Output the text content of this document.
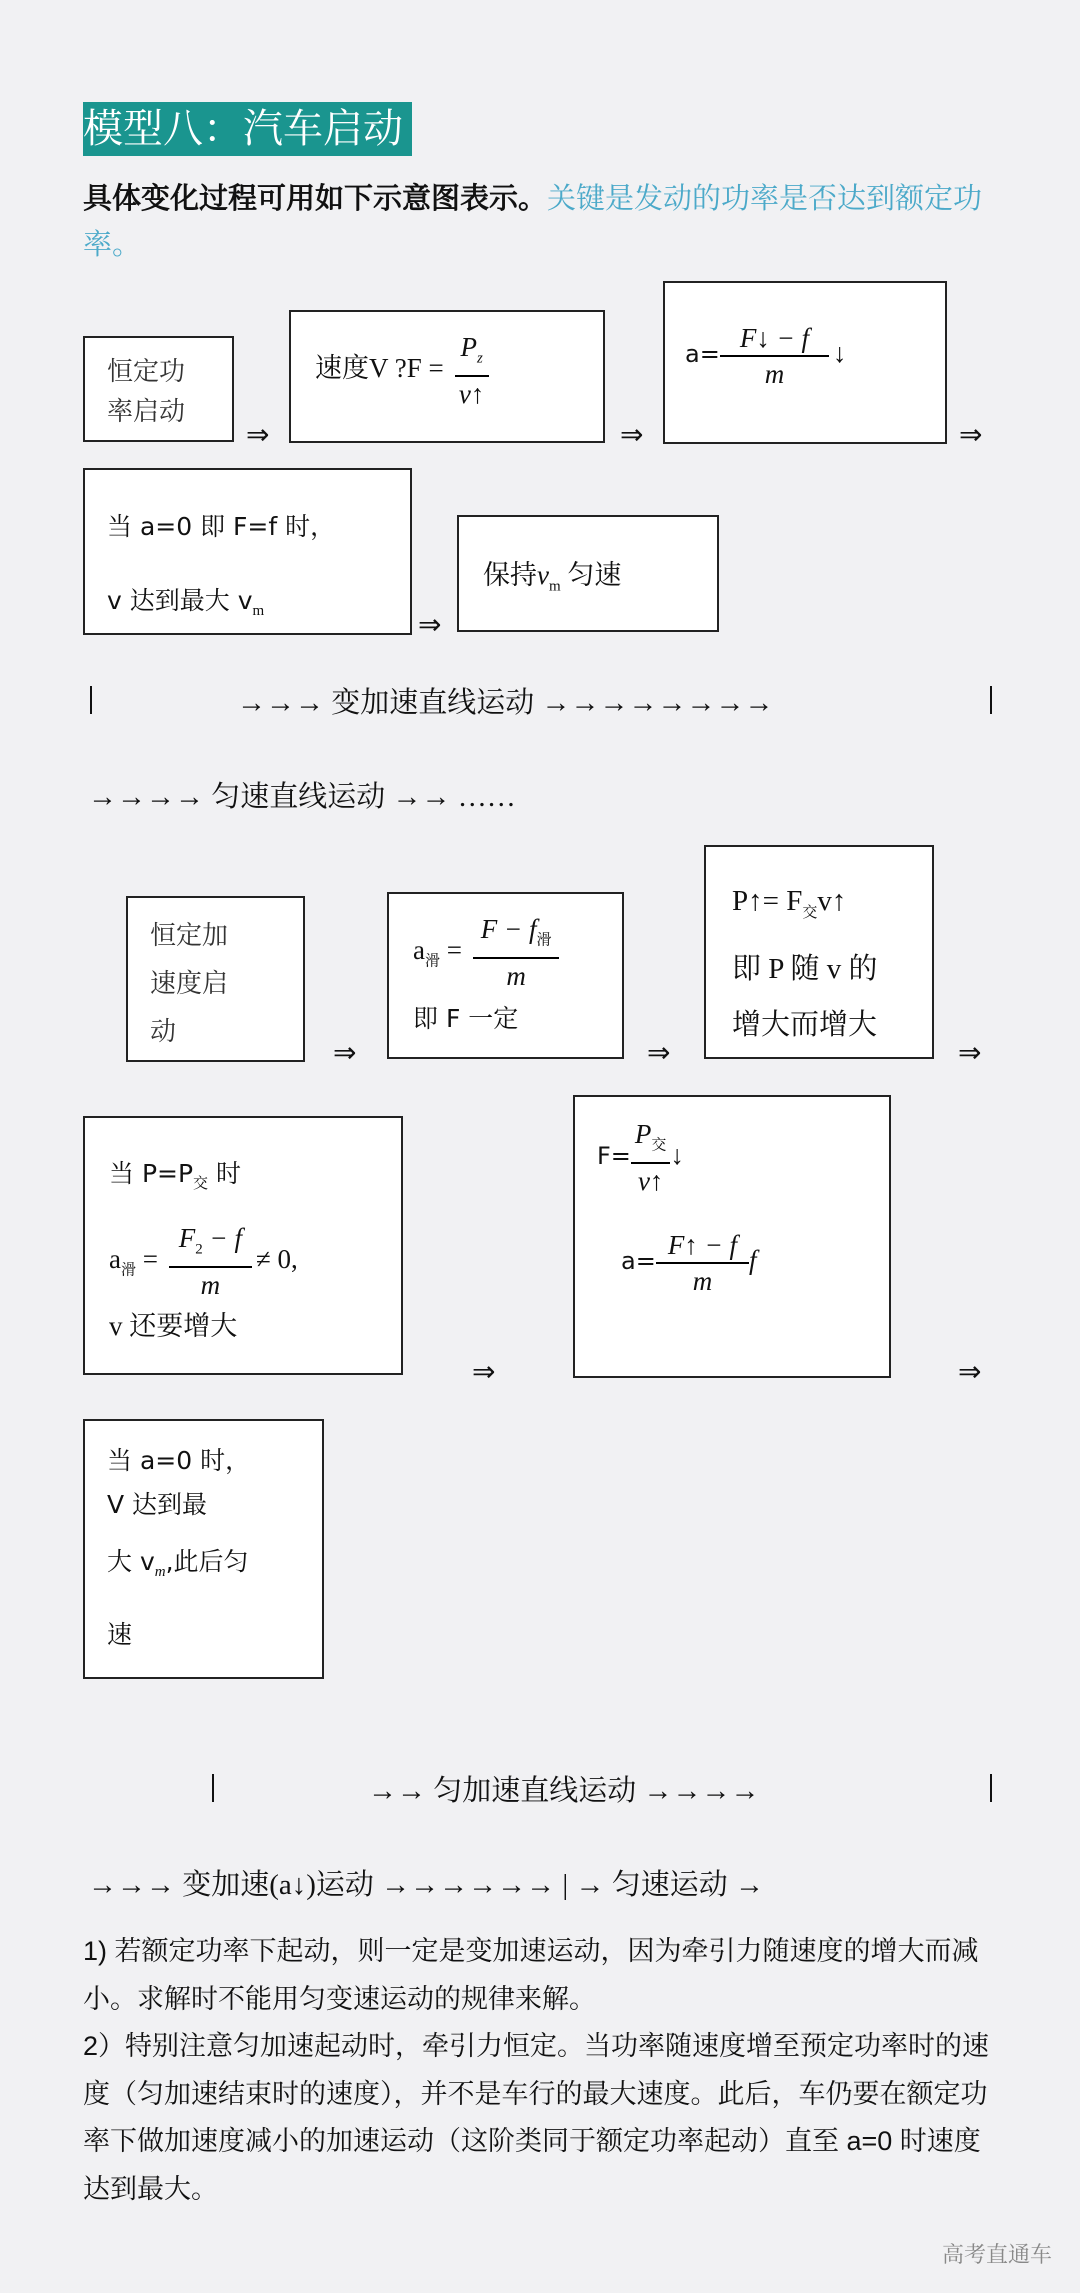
模型八：汽车启动
具体变化过程可用如下示意图表示。关键是发动的功率是否达到额定功率。
恒定功
率启动
⇒
速度V ?F = $\frac{P_z}{v↑}$
⇒
$a= \frac{F↓ - f}{m}$ ↓
⇒
当 a=0 即 F=f 时，
v 达到最大 $v_m$	⇒
保持$v_m$ 匀速
→→→ 变加速直线运动 →→→→→→→→
→→→→ 匀速直线运动 →→ ……
恒定加
速度启
动
⇒
$a_滑 = \frac{F - f_滑}{m}$
即 F 一定
⇒
P↑= $F_交v↑$
即 P 随 v 的
增大而增大
⇒
当 $P=P_交$ 时
$a_滑 = \frac{F_2 - f}{m} \ne 0$,
v 还要增大
⇒
$F= \frac{P_交}{v↑}$ ↓
$a= \frac{F↑ - f}{m}$ f
⇒
当 a=0 时，
V 达到最
大 $v_m$,此后匀
速
→→ 匀加速直线运动 →→→→
→→→ 变加速(a↓)运动 →→→→→→ | → 匀速运动 →
1) 若额定功率下起动，则一定是变加速运动，因为牵引力随速度的增大而减小。求解时不能用匀变速运动的规律来解。
2）特别注意匀加速起动时，牵引力恒定。当功率随速度增至预定功率时的速度（匀加速结束时的速度），并不是车行的最大速度。此后，车仍要在额定功率下做加速度减小的加速运动（这阶类同于额定功率起动）直至 a=0 时速度达到最大。
高考直通车
